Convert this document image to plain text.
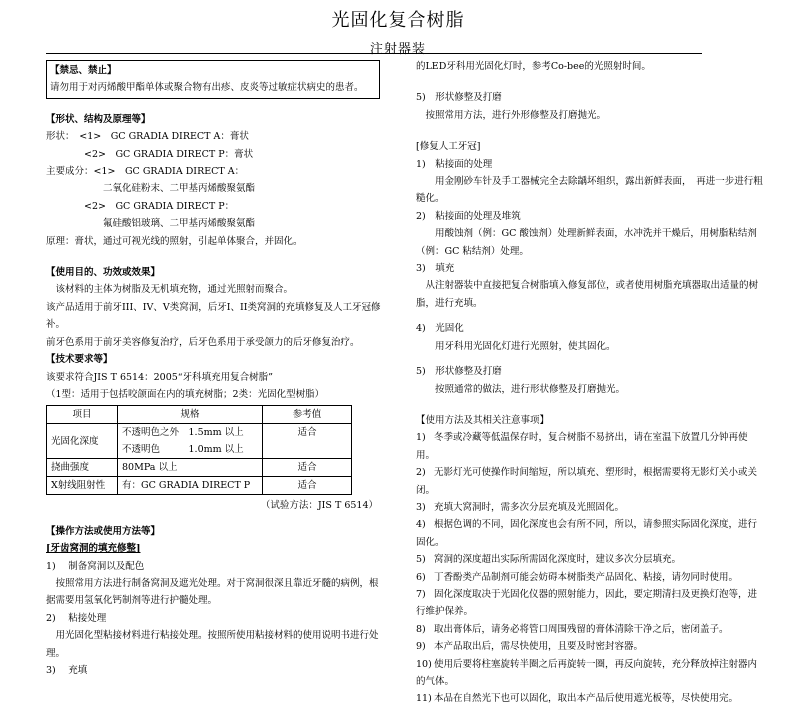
光固化复合树脂
注射器装
【禁忌、禁止】
请勿用于对丙烯酸甲酯单体或聚合物有出疹、皮炎等过敏症状病史的患者。
【形状、结构及原理等】
形状：　<1>　GC GRADIA DIRECT A：膏状
　　　　<2>　GC GRADIA DIRECT P：膏状
主要成分：<1>　GC GRADIA DIRECT A：
　　　　　　二氧化硅粉末、二甲基丙烯酸聚氨酯
　　　　<2>　GC GRADIA DIRECT P：
　　　　　　氟硅酸铝玻璃、二甲基丙烯酸聚氨酯
原理：膏状，通过可视光线的照射，引起单体聚合，并固化。
【使用目的、功效或效果】
　该材料的主体为树脂及无机填充物，通过光照射而聚合。
该产品适用于前牙III、IV、V类窝洞，后牙I、II类窝洞的充填修复及人工牙冠修补。
前牙色系用于前牙美容修复治疗，后牙色系用于承受颌力的后牙修复治疗。
【技术要求等】
该要求符合JIS T 6514：2005“牙科填充用复合树脂”
（1型：适用于包括咬颌面在内的填充树脂；2类：光固化型树脂）
项目	规格	参考值
光固化深度	不透明色之外　1.5mm 以上
不透明色　　　1.0mm 以上	适合
挠曲强度	80MPa 以上	适合
X射线阻射性	有：GC GRADIA DIRECT P	适合
（试验方法：JIS T 6514）
【操作方法或使用方法等】
[牙齿窝洞的填充修整]
1)　 制备窝洞以及配色
　按照常用方法进行制备窝洞及遮光处理。对于窝洞很深且靠近牙髓的病例，根据需要用氢氧化钙制剂等进行护髓处理。
2)　 粘接处理
　用光固化型粘接材料进行粘接处理。按照所使用粘接材料的使用说明书进行处理。
3)　 充填
的LED牙科用光固化灯时，参考Co-bee的光照射时间。
5)　形状修整及打磨
　按照常用方法，进行外形修整及打磨抛光。
[修复人工牙冠]
1)　粘接面的处理
　　用金刚砂车针及手工器械完全去除龋坏组织，露出新鲜表面，　再进一步进行粗糙化。
2)　粘接面的处理及堆筑
　　用酸蚀剂（例：GC 酸蚀剂）处理新鲜表面，水冲洗并干燥后，用树脂粘结剂（例：GC 粘结剂）处理。
3)　填充
　从注射器装中直接把复合树脂填入修复部位，或者使用树脂充填器取出适量的树脂，进行充填。
4)　光固化
　　用牙科用光固化灯进行光照射，使其固化。
5)　形状修整及打磨
　　按照通常的做法，进行形状修整及打磨抛光。
【使用方法及其相关注意事项】
1) 冬季或冷藏等低温保存时，复合树脂不易挤出，请在室温下放置几分钟再使用。
2) 无影灯光可使操作时间缩短，所以填充、塑形时，根据需要将无影灯关小或关闭。
3) 充填大窝洞时，需多次分层充填及光照固化。
4) 根据色调的不同，固化深度也会有所不同，所以，请参照实际固化深度，进行固化。
5) 窝洞的深度超出实际所需固化深度时，建议多次分层填充。
6) 丁香酚类产品制剂可能会妨碍本树脂类产品固化、粘接，请勿同时使用。
7) 固化深度取决于光固化仪器的照射能力，因此，要定期清扫及更换灯泡等，进行维护保养。
8) 取出膏体后，请务必将管口周围残留的膏体清除干净之后，密闭盖子。
9) 本产品取出后，需尽快使用，且要及时密封容器。
10) 使用后要将柱塞旋转半圈之后再旋转一圈，再反向旋转，充分释放掉注射器内的气体。
11) 本品在自然光下也可以固化，取出本产品后使用遮光板等，尽快使用完。
